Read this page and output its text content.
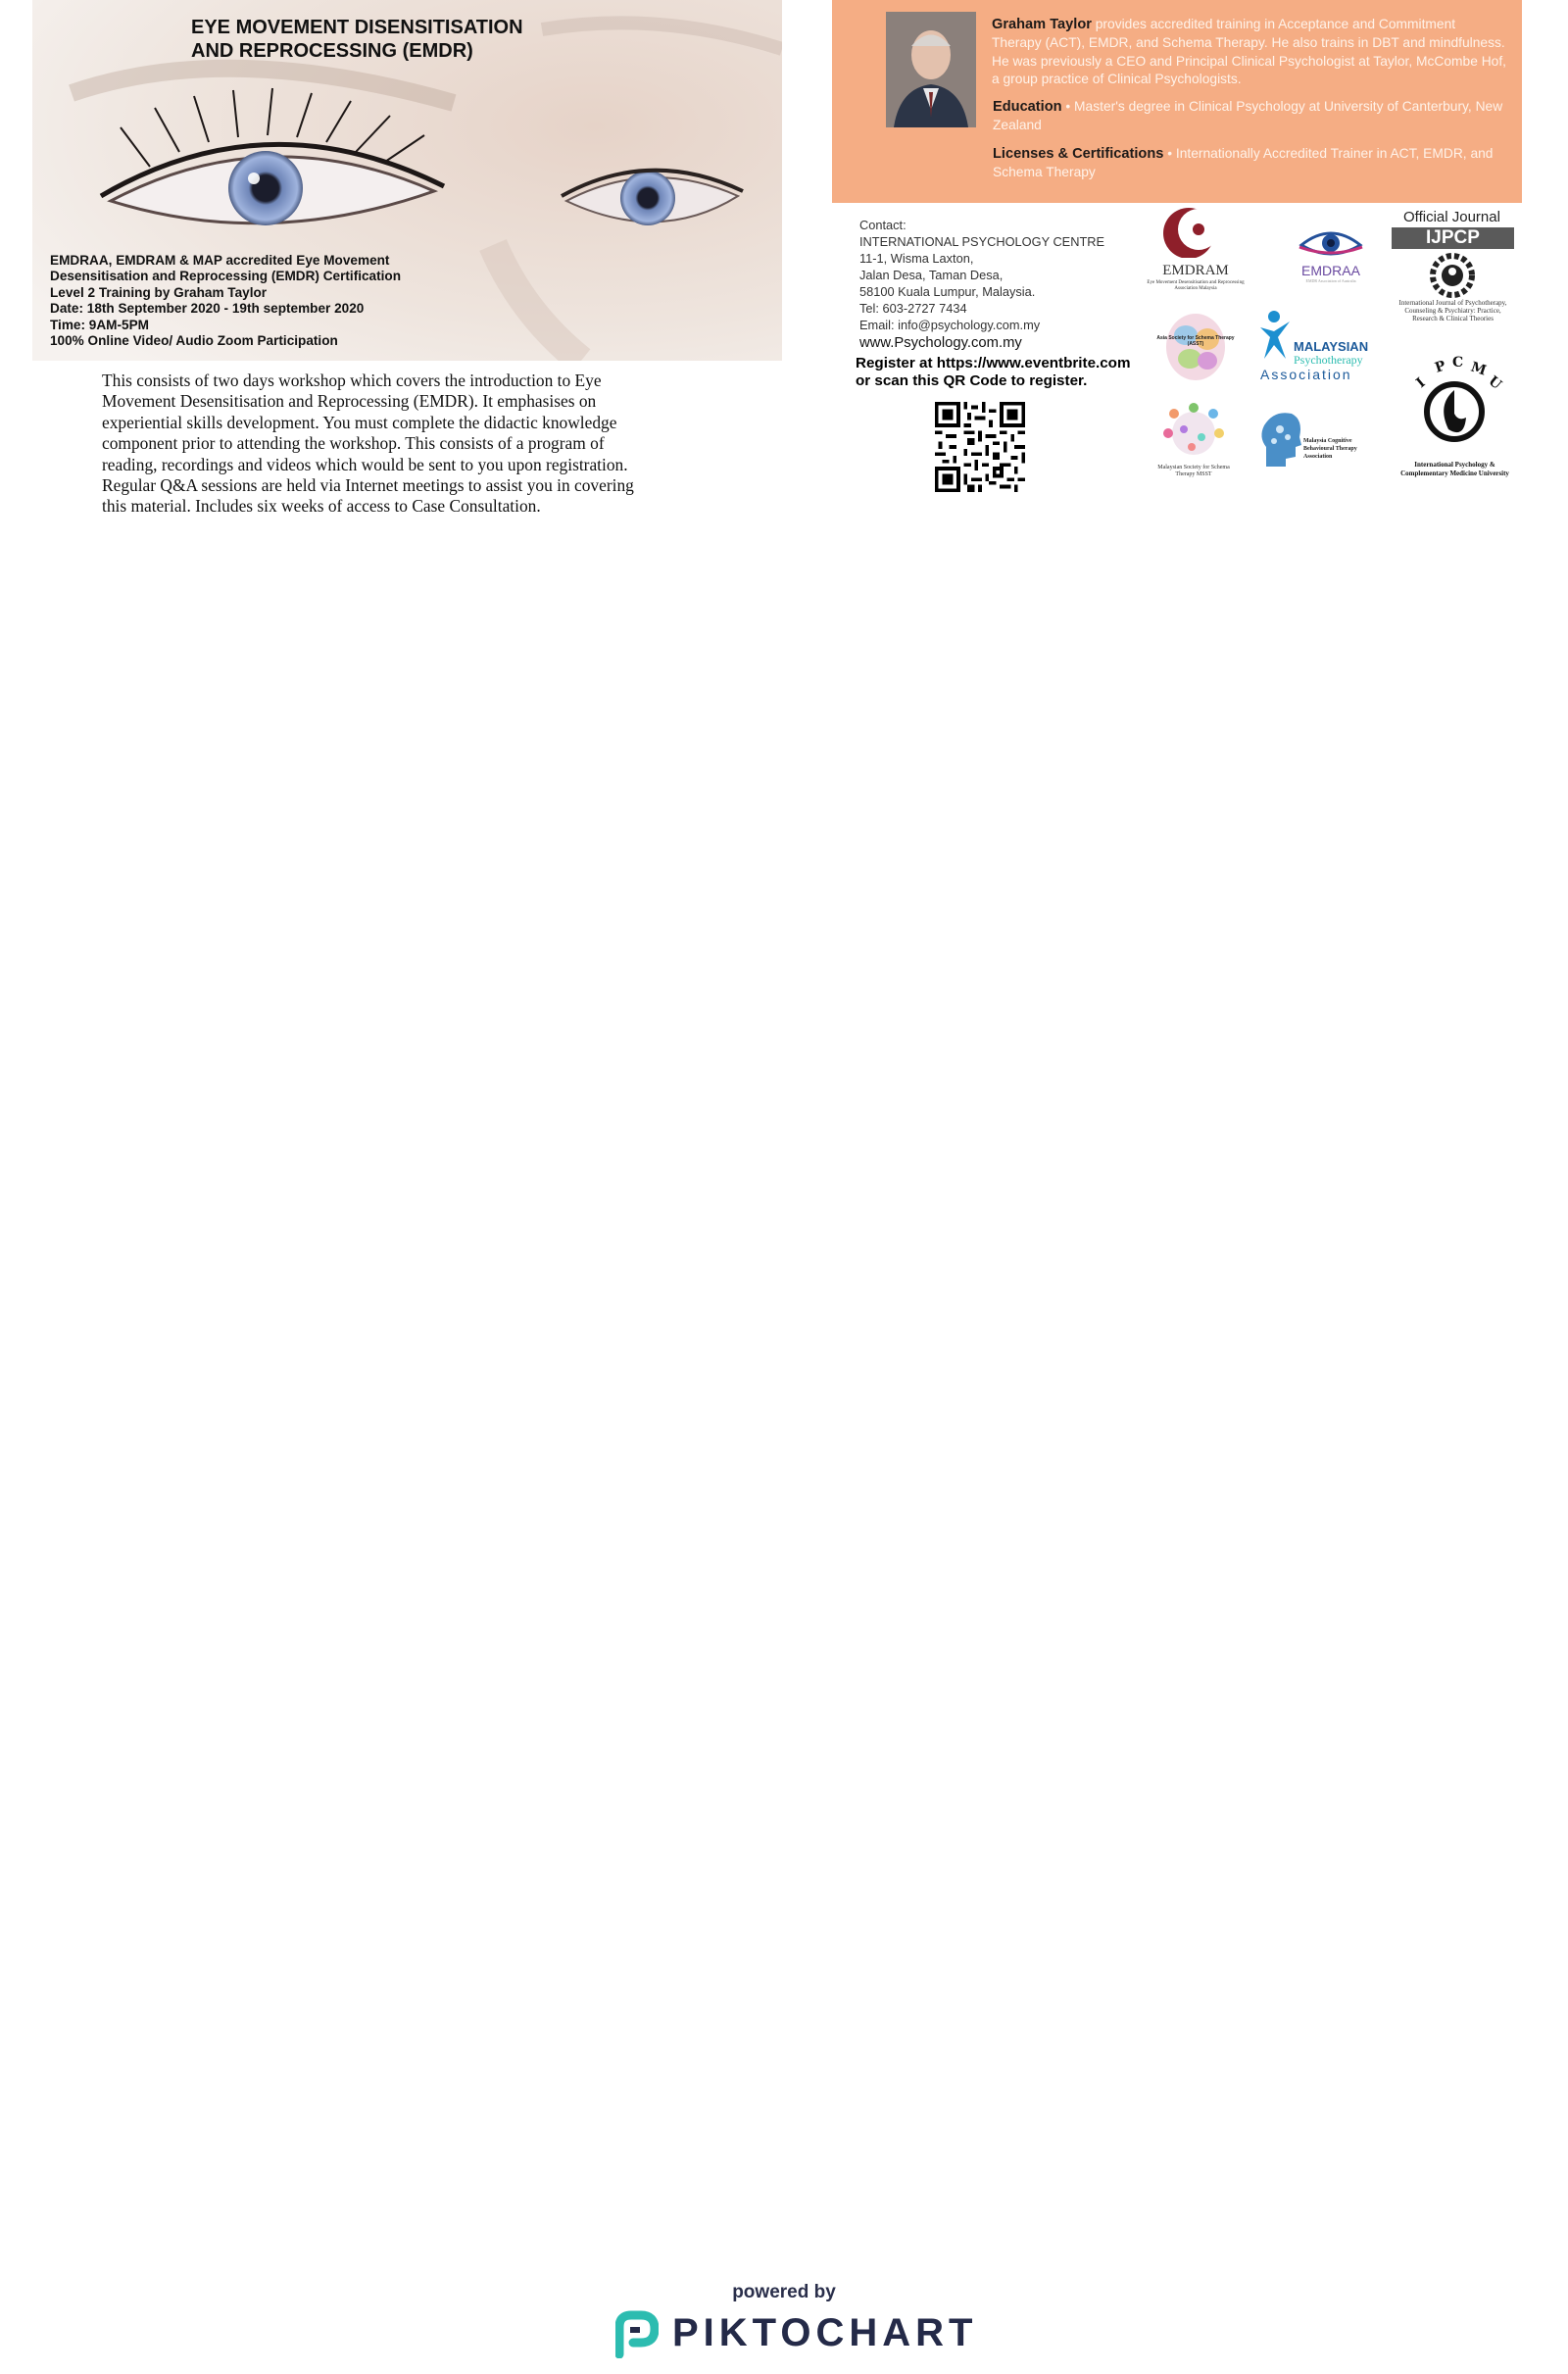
EYE MOVEMENT DISENSITISATION
AND REPROCESSING (EMDR)
EMDRAA, EMDRAM & MAP accredited Eye Movement
Desensitisation and Reprocessing (EMDR) Certification
Level 2 Training by Graham Taylor
Date: 18th September 2020 - 19th september 2020
Time: 9AM-5PM
100% Online Video/ Audio Zoom Participation
This consists of two days workshop which covers the introduction to Eye
Movement Desensitisation and Reprocessing (EMDR). It emphasises on
experiential skills development. You must complete the didactic knowledge
component prior to attending the workshop. This consists of a program of
reading, recordings and videos which would be sent to you upon registration.
Regular Q&A sessions are held via Internet meetings to assist you in covering
this material. Includes six weeks of access to Case Consultation.
Graham Taylor provides accredited training in Acceptance and Commitment Therapy (ACT), EMDR, and Schema Therapy. He also trains in DBT and mindfulness. He was previously a CEO and Principal Clinical Psychologist at Taylor, McCombe Hof, a group practice of Clinical Psychologists.
Education • Master's degree in Clinical Psychology at University of Canterbury, New Zealand
Licenses & Certifications • Internationally Accredited Trainer in ACT, EMDR, and Schema Therapy
Contact:
INTERNATIONAL PSYCHOLOGY CENTRE
11-1, Wisma Laxton,
Jalan Desa, Taman Desa,
58100 Kuala Lumpur, Malaysia.
Tel: 603-2727 7434
Email: info@psychology.com.my
www.Psychology.com.my
Register at https://www.eventbrite.com
or scan this QR Code to register.
EMDRAM
Eye Movement Desensitisation and Reprocessing Association Malaysia
EMDRAA
EMDR Association of Australia
Official Journal
IJPCP
International Journal of Psychotherapy, Counseling & Psychiatry: Practice, Research & Clinical Theories
Asia Society for Schema Therapy (ASST)	MALAYSIAN
Psychotherapy
Association
I
P C M
U
International Psychology & Complementary Medicine University
Malaysian Society for Schema Therapy MSST
Malaysia Cognitive Behavioural Therapy Association
powered by
PIKTOCHART
